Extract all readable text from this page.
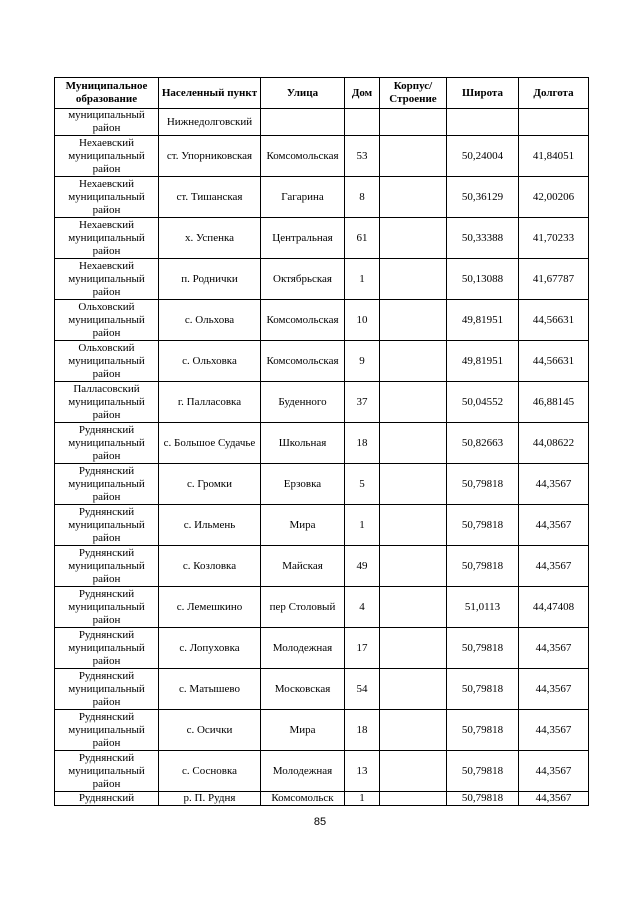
Муниципальное образование	Населенный пункт	Улица	Дом	Корпус/ Строение	Широта	Долгота
муниципальный район	Нижнедолговский					
Нехаевский муниципальный район	ст. Упорниковская	Комсомольская	53		50,24004	41,84051
Нехаевский муниципальный район	ст. Тишанская	Гагарина	8		50,36129	42,00206
Нехаевский муниципальный район	х. Успенка	Центральная	61		50,33388	41,70233
Нехаевский муниципальный район	п. Роднички	Октябрьская	1		50,13088	41,67787
Ольховский муниципальный район	с. Ольхова	Комсомольская	10		49,81951	44,56631
Ольховский муниципальный район	с. Ольховка	Комсомольская	9		49,81951	44,56631
Палласовский муниципальный район	г. Палласовка	Буденного	37		50,04552	46,88145
Руднянский муниципальный район	с. Большое Судачье	Школьная	18		50,82663	44,08622
Руднянский муниципальный район	с. Громки	Ерзовка	5		50,79818	44,3567
Руднянский муниципальный район	с. Ильмень	Мира	1		50,79818	44,3567
Руднянский муниципальный район	с. Козловка	Майская	49		50,79818	44,3567
Руднянский муниципальный район	с. Лемешкино	пер Столовый	4		51,0113	44,47408
Руднянский муниципальный район	с. Лопуховка	Молодежная	17		50,79818	44,3567
Руднянский муниципальный район	с. Матышево	Московская	54		50,79818	44,3567
Руднянский муниципальный район	с. Осички	Мира	18		50,79818	44,3567
Руднянский муниципальный район	с. Сосновка	Молодежная	13		50,79818	44,3567
Руднянский	р. П. Рудня	Комсомольск	1		50,79818	44,3567
85
